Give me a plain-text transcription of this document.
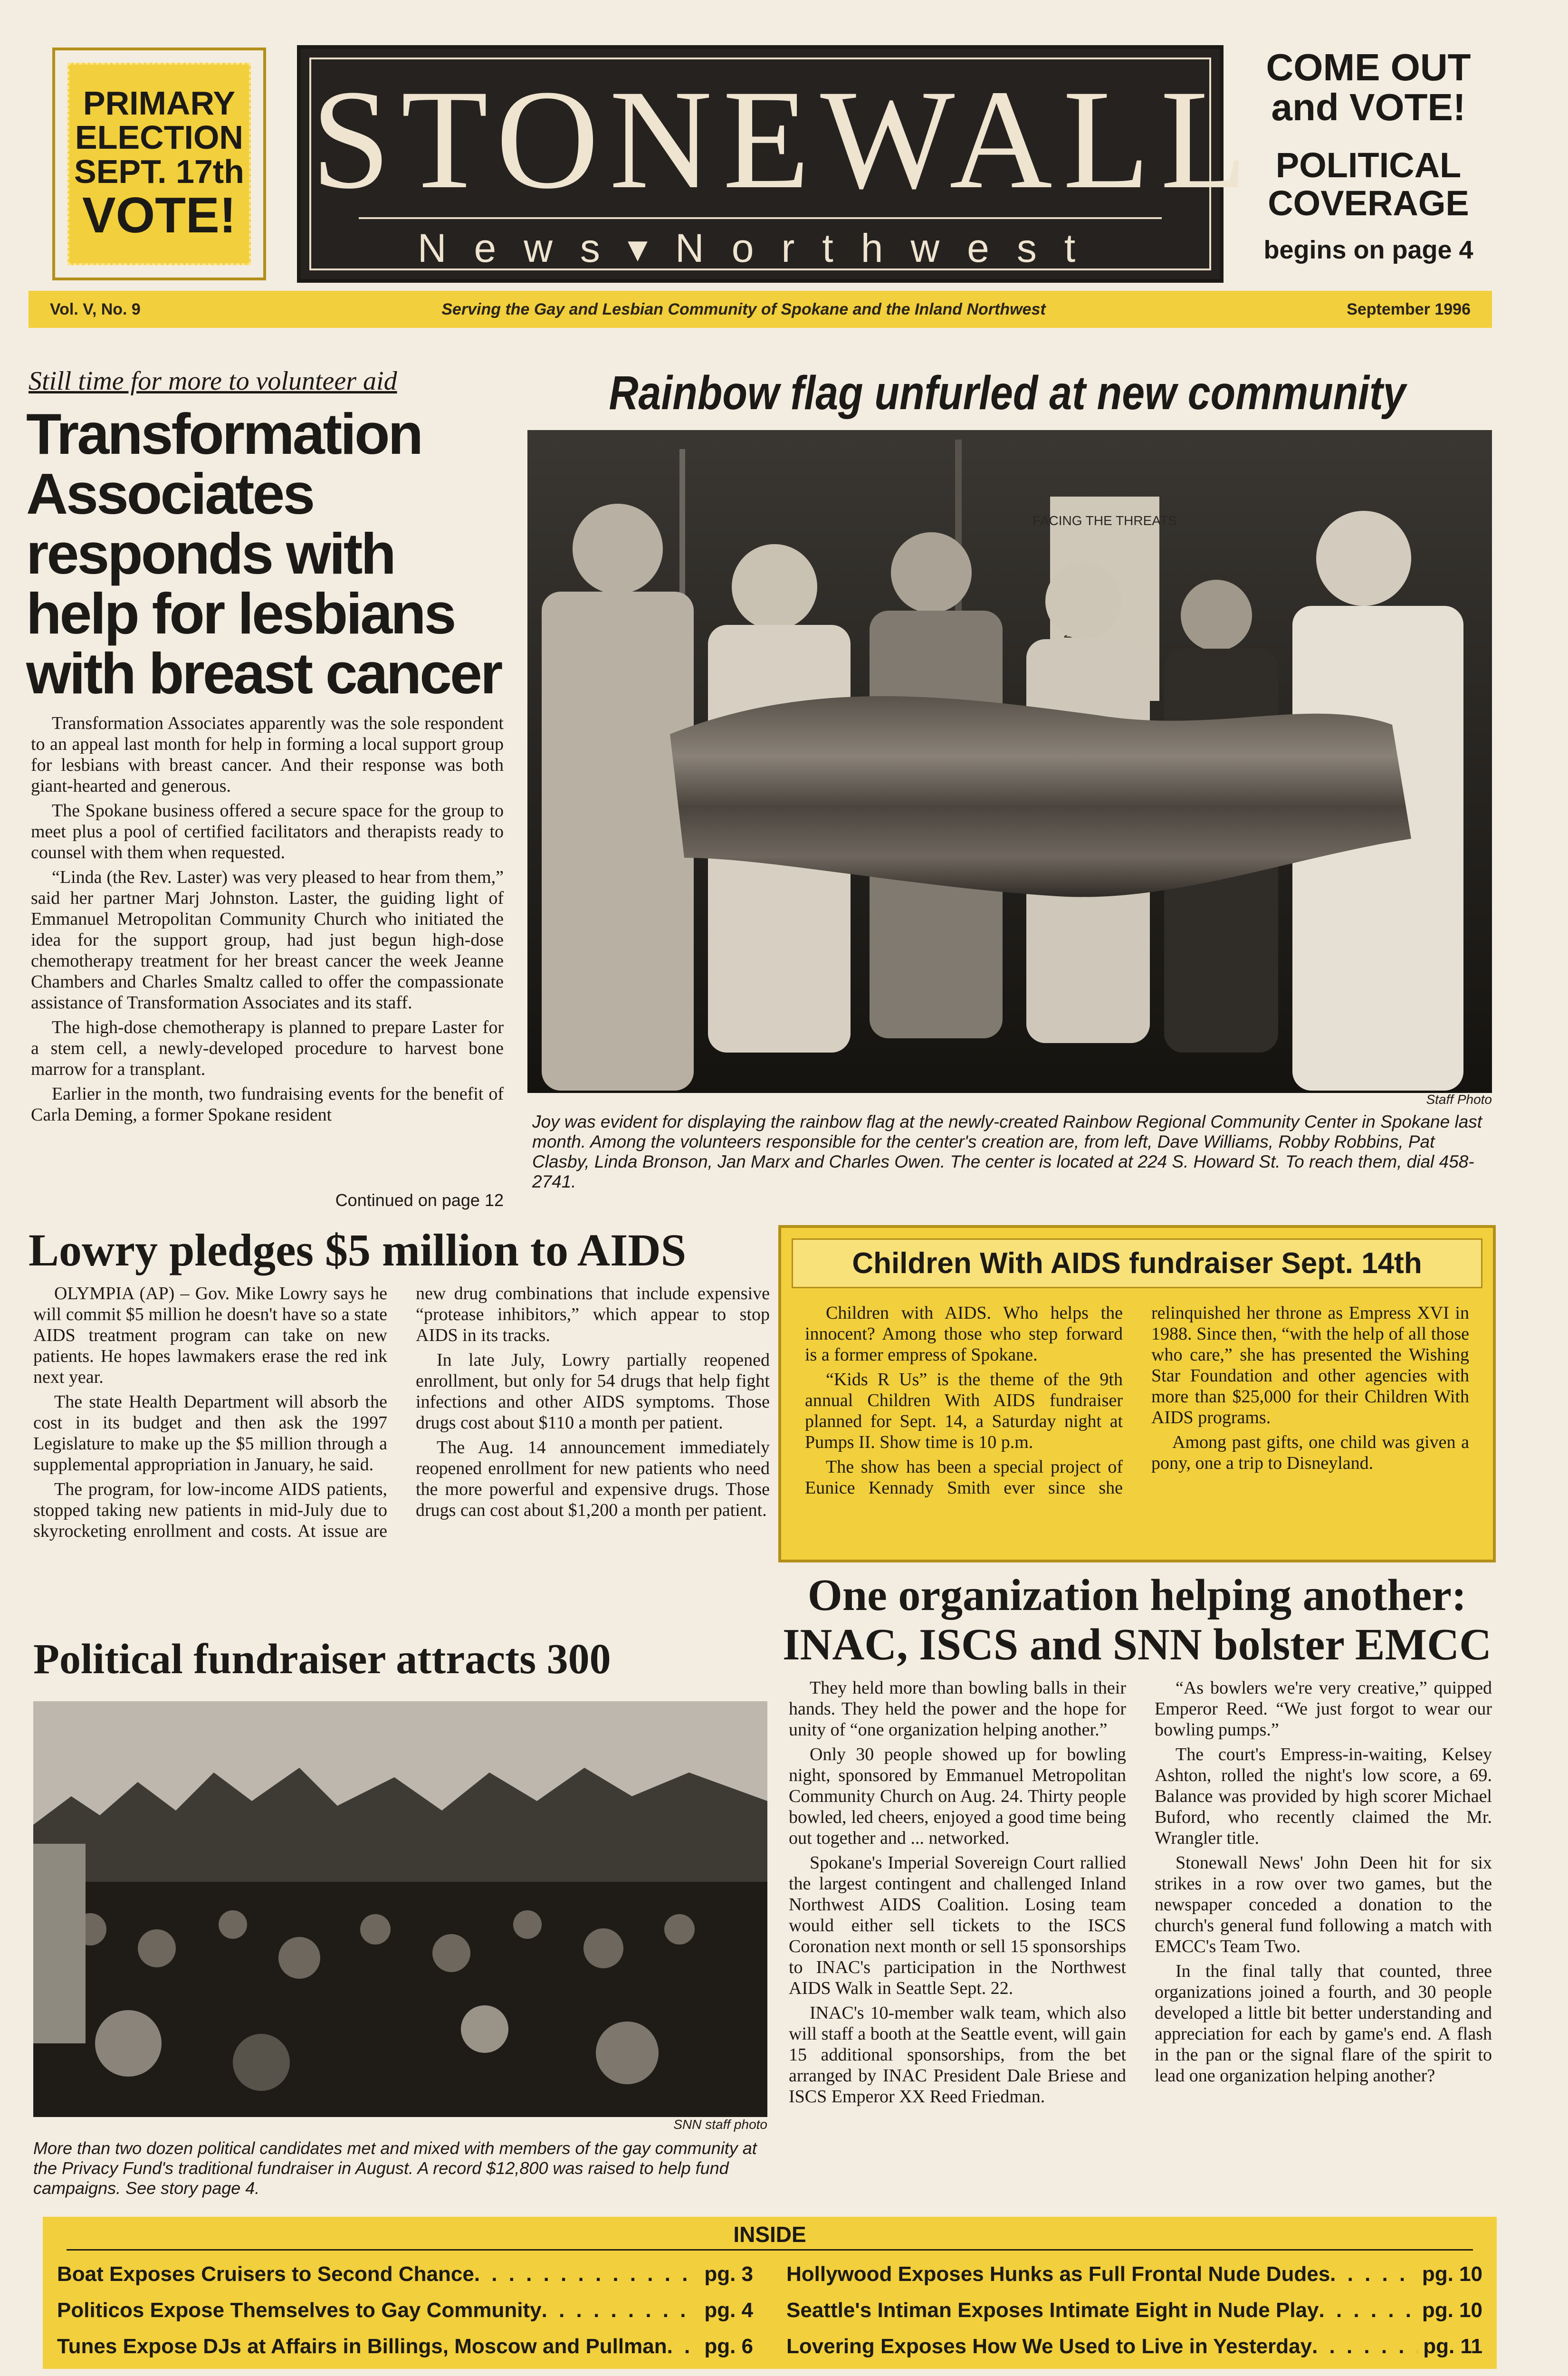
PRIMARY
ELECTION
SEPT. 17th
VOTE! STONEWALL
News▾Northwest
COME OUT
and VOTE!
POLITICAL
COVERAGE
begins on page 4
Vol. V, No. 9	Serving the Gay and Lesbian Community of Spokane and the Inland Northwest	September 1996
Still time for more to volunteer aid
Transformation Associates responds with help for lesbians with breast cancer

Transformation Associates apparently was the sole respondent to an appeal last month for help in forming a local support group for lesbians with breast cancer. And their response was both giant-hearted and generous.

The Spokane business offered a secure space for the group to meet plus a pool of certified facilitators and therapists ready to counsel with them when requested.

“Linda (the Rev. Laster) was very pleased to hear from them,” said her partner Marj Johnston. Laster, the guiding light of Emmanuel Metropolitan Community Church who initiated the idea for the support group, had just begun high-dose chemotherapy treatment for her breast cancer the week Jeanne Chambers and Charles Smaltz called to offer the compassionate assistance of Transformation Associates and its staff.

The high-dose chemotherapy is planned to prepare Laster for a stem cell, a newly-developed procedure to harvest bone marrow for a transplant.

Earlier in the month, two fundraising events for the benefit of Carla Deming, a former Spokane resident

Continued on page 12
Rainbow flag unfurled at new community
FACING THE THREATS
Staff Photo
Joy was evident for displaying the rainbow flag at the newly-created Rainbow Regional Community Center in Spokane last month. Among the volunteers responsible for the center's creation are, from left, Dave Williams, Robby Robbins, Pat Clasby, Linda Bronson, Jan Marx and Charles Owen. The center is located at 224 S. Howard St. To reach them, dial 458-2741.
Lowry pledges $5 million to AIDS

OLYMPIA (AP) – Gov. Mike Lowry says he will commit $5 million he doesn't have so a state AIDS treatment program can take on new patients. He hopes lawmakers erase the red ink next year.

The state Health Department will absorb the cost in its budget and then ask the 1997 Legislature to make up the $5 million through a supplemental appropriation in January, he said.

The program, for low-income AIDS patients, stopped taking new patients in mid-July due to skyrocketing enrollment and costs. At issue are new drug combinations that include expensive “protease inhibitors,” which appear to stop AIDS in its tracks.

In late July, Lowry partially reopened enrollment, but only for 54 drugs that help fight infections and other AIDS symptoms. Those drugs cost about $110 a month per patient.

The Aug. 14 announcement immediately reopened enrollment for new patients who need the more powerful and expensive drugs. Those drugs can cost about $1,200 a month per patient.

Children With AIDS fundraiser Sept. 14th

Children with AIDS. Who helps the innocent? Among those who step forward is a former empress of Spokane.

“Kids R Us” is the theme of the 9th annual Children With AIDS fundraiser planned for Sept. 14, a Saturday night at Pumps II. Show time is 10 p.m.

The show has been a special project of Eunice Kennady Smith ever since she relinquished her throne as Empress XVI in 1988. Since then, “with the help of all those who care,” she has presented the Wishing Star Foundation and other agencies with more than $25,000 for their Children With AIDS programs.

Among past gifts, one child was given a pony, one a trip to Disneyland.

One organization helping another:
INAC, ISCS and SNN bolster EMCC

They held more than bowling balls in their hands. They held the power and the hope for unity of “one organization helping another.”

Only 30 people showed up for bowling night, sponsored by Emmanuel Metropolitan Community Church on Aug. 24. Thirty people bowled, led cheers, enjoyed a good time being out together and ... networked.

Spokane's Imperial Sovereign Court rallied the largest contingent and challenged Inland Northwest AIDS Coalition. Losing team would either sell tickets to the ISCS Coronation next month or sell 15 sponsorships to INAC's participation in the Northwest AIDS Walk in Seattle Sept. 22.

INAC's 10-member walk team, which also will staff a booth at the Seattle event, will gain 15 additional sponsorships, from the bet arranged by INAC President Dale Briese and ISCS Emperor XX Reed Friedman.

“As bowlers we're very creative,” quipped Emperor Reed. “We just forgot to wear our bowling pumps.”

The court's Empress-in-waiting, Kelsey Ashton, rolled the night's low score, a 69. Balance was provided by high scorer Michael Buford, who recently claimed the Mr. Wrangler title.

Stonewall News' John Deen hit for six strikes in a row over two games, but the newspaper conceded a donation to the church's general fund following a match with EMCC's Team Two.

In the final tally that counted, three organizations joined a fourth, and 30 people developed a little bit better understanding and appreciation for each by game's end. A flash in the pan or the signal flare of the spirit to lead one organization helping another?

Political fundraiser attracts 300
SNN staff photo
More than two dozen political candidates met and mixed with members of the gay community at the Privacy Fund's traditional fundraiser in August. A record $12,800 was raised to help fund campaigns. See story page 4.
INSIDE
Boat Exposes Cruisers to Second Chance . . .	pg. 3 Hollywood Exposes Hunks as Full Frontal Nude Dudes . . .	pg. 10
Politicos Expose Themselves to Gay Community . . .	pg. 4 Seattle's Intiman Exposes Intimate Eight in Nude Play . . .	pg. 10
Tunes Expose DJs at Affairs in Billings, Moscow and Pullman . . . pg. 6 Lovering Exposes How We Used to Live in Yesterday . . .	pg. 11
